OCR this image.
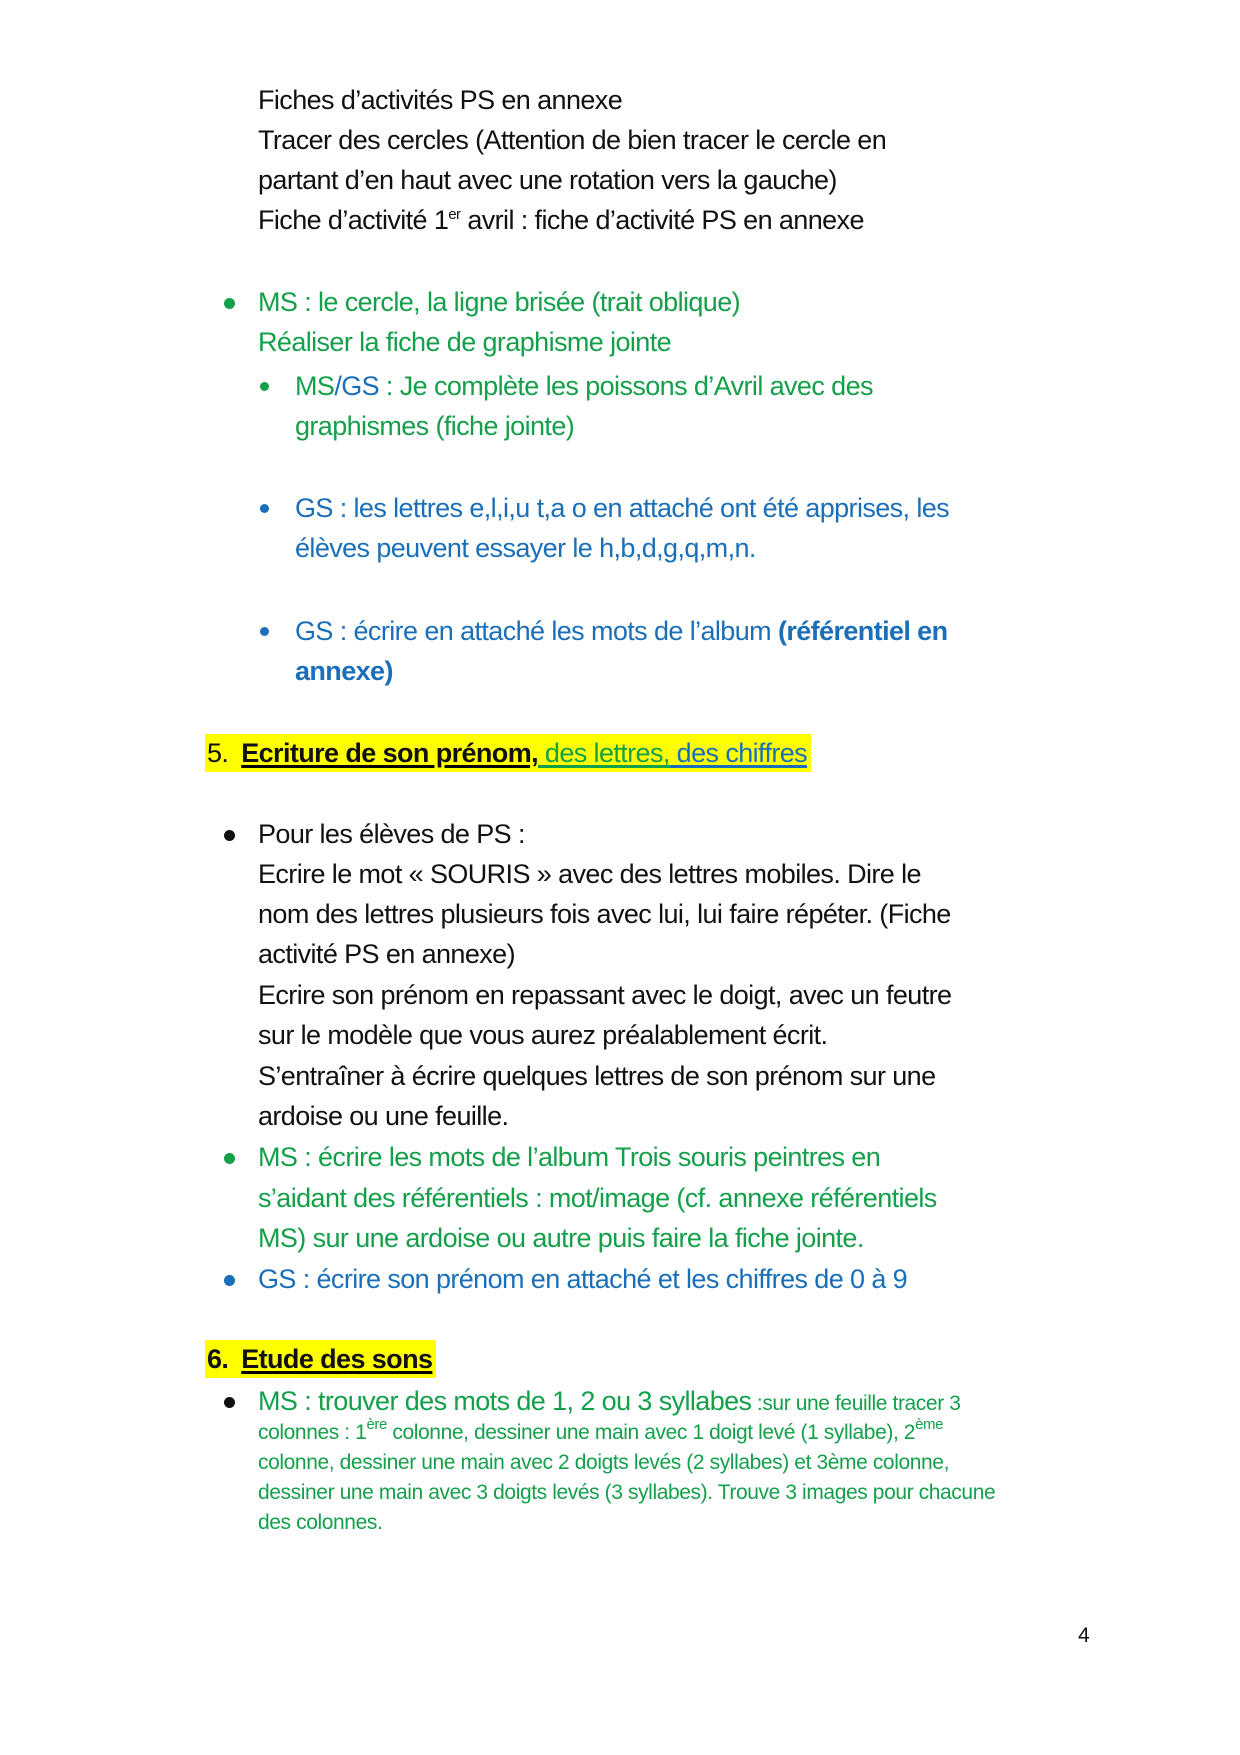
Fiches d’activités PS en annexe
Tracer des cercles (Attention de bien tracer le cercle en
partant d’en haut avec une rotation vers la gauche)
Fiche d’activité 1er avril : fiche d’activité PS en annexe
MS : le cercle, la ligne brisée (trait oblique)
Réaliser la fiche de graphisme jointe
MS/GS : Je complète les poissons d’Avril avec des
graphismes (fiche jointe)
GS : les lettres e,l,i,u t,a o en attaché ont été apprises, les
élèves peuvent essayer le h,b,d,g,q,m,n.
GS : écrire en attaché les mots de l’album (référentiel en
annexe)
5. Ecriture de son prénom, des lettres, des chiffres
Pour les élèves de PS :
Ecrire le mot « SOURIS » avec des lettres mobiles. Dire le
nom des lettres plusieurs fois avec lui, lui faire répéter. (Fiche
activité PS en annexe)
Ecrire son prénom en repassant avec le doigt, avec un feutre
sur le modèle que vous aurez préalablement écrit.
S’entraîner à écrire quelques lettres de son prénom sur une
ardoise ou une feuille.
MS : écrire les mots de l’album Trois souris peintres en
s’aidant des référentiels : mot/image (cf. annexe référentiels
MS) sur une ardoise ou autre puis faire la fiche jointe.
GS : écrire son prénom en attaché et les chiffres de 0 à 9
6. Etude des sons
MS : trouver des mots de 1, 2 ou 3 syllabes :sur une feuille tracer 3
colonnes : 1ère colonne, dessiner une main avec 1 doigt levé (1 syllabe), 2ème
colonne, dessiner une main avec 2 doigts levés (2 syllabes) et 3ème colonne,
dessiner une main avec 3 doigts levés (3 syllabes). Trouve 3 images pour chacune
des colonnes.
4
